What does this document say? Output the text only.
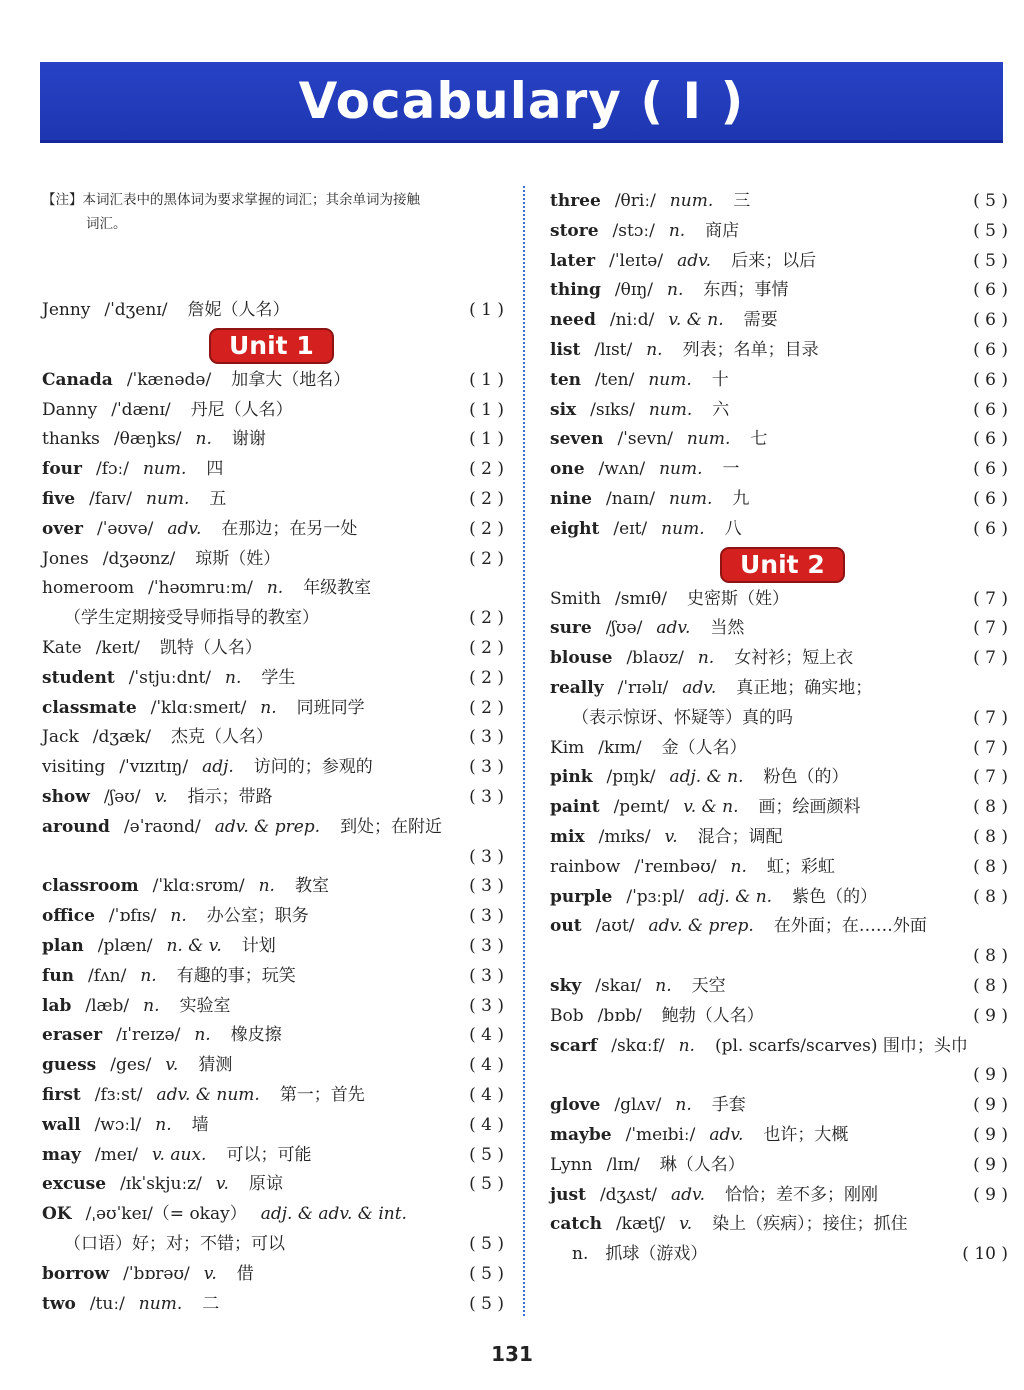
Vocabulary ( I )
【注】本词汇表中的黑体词为要求掌握的词汇；其余单词为接触
词汇。
Jenny /ˈdʒenɪ/ 詹妮（人名）	( 1 )
Unit 1
Canada /ˈkænədə/ 加拿大（地名）	( 1 )
Danny /ˈdænɪ/ 丹尼（人名）	( 1 )
thanks /θæŋks/ n. 谢谢	( 1 )
four /fɔː/ num. 四	( 2 )
five /faɪv/ num. 五	( 2 )
over /ˈəʊvə/ adv. 在那边；在另一处	( 2 )
Jones /dʒəʊnz/ 琼斯（姓）	( 2 )
homeroom /ˈhəʊmruːm/ n. 年级教室
（学生定期接受导师指导的教室）	( 2 )
Kate /keɪt/ 凯特（人名）	( 2 )
student /ˈstjuːdnt/ n. 学生	( 2 )
classmate /ˈklɑːsmeɪt/ n. 同班同学	( 2 )
Jack /dʒæk/ 杰克（人名）	( 3 )
visiting /ˈvɪzɪtɪŋ/ adj. 访问的；参观的	( 3 )
show /ʃəʊ/ v. 指示；带路	( 3 )
around /əˈraʊnd/ adv. & prep. 到处；在附近
( 3 )
classroom /ˈklɑːsrʊm/ n. 教室	( 3 )
office /ˈɒfɪs/ n. 办公室；职务	( 3 )
plan /plæn/ n. & v. 计划	( 3 )
fun /fʌn/ n. 有趣的事；玩笑	( 3 )
lab /læb/ n. 实验室	( 3 )
eraser /ɪˈreɪzə/ n. 橡皮擦	( 4 )
guess /ges/ v. 猜测	( 4 )
first /fɜːst/ adv. & num. 第一；首先	( 4 )
wall /wɔːl/ n. 墙	( 4 )
may /meɪ/ v. aux. 可以；可能	( 5 )
excuse /ɪkˈskjuːz/ v. 原谅	( 5 )
OK /ˌəʊˈkeɪ/（= okay） adj. & adv. & int.
（口语）好；对；不错；可以	( 5 )
borrow /ˈbɒrəʊ/ v. 借	( 5 )
two /tuː/ num. 二	( 5 )
three /θriː/ num. 三	( 5 )
store /stɔː/ n. 商店	( 5 )
later /ˈleɪtə/ adv. 后来；以后	( 5 )
thing /θɪŋ/ n. 东西；事情	( 6 )
need /niːd/ v. & n. 需要	( 6 )
list /lɪst/ n. 列表；名单；目录	( 6 )
ten /ten/ num. 十	( 6 )
six /sɪks/ num. 六	( 6 )
seven /ˈsevn/ num. 七	( 6 )
one /wʌn/ num. 一	( 6 )
nine /naɪn/ num. 九	( 6 )
eight /eɪt/ num. 八	( 6 )
Unit 2
Smith /smɪθ/ 史密斯（姓）	( 7 )
sure /ʃʊə/ adv. 当然	( 7 )
blouse /blaʊz/ n. 女衬衫；短上衣	( 7 )
really /ˈrɪəlɪ/ adv. 真正地；确实地；
（表示惊讶、怀疑等）真的吗	( 7 )
Kim /kɪm/ 金（人名）	( 7 )
pink /pɪŋk/ adj. & n. 粉色（的）	( 7 )
paint /peɪnt/ v. & n. 画；绘画颜料	( 8 )
mix /mɪks/ v. 混合；调配	( 8 )
rainbow /ˈreɪnbəʊ/ n. 虹；彩虹	( 8 )
purple /ˈpɜːpl/ adj. & n. 紫色（的）	( 8 )
out /aʊt/ adv. & prep. 在外面；在……外面
( 8 )
sky /skaɪ/ n. 天空	( 8 )
Bob /bɒb/ 鲍勃（人名）	( 9 )
scarf /skɑːf/ n. (pl. scarfs/scarves) 围巾；头巾
( 9 )
glove /glʌv/ n. 手套	( 9 )
maybe /ˈmeɪbiː/ adv. 也许；大概	( 9 )
Lynn /lɪn/ 琳（人名）	( 9 )
just /dʒʌst/ adv. 恰恰；差不多；刚刚	( 9 )
catch /kætʃ/ v. 染上（疾病）；接住；抓住
n.　抓球（游戏）	( 10 )
131
